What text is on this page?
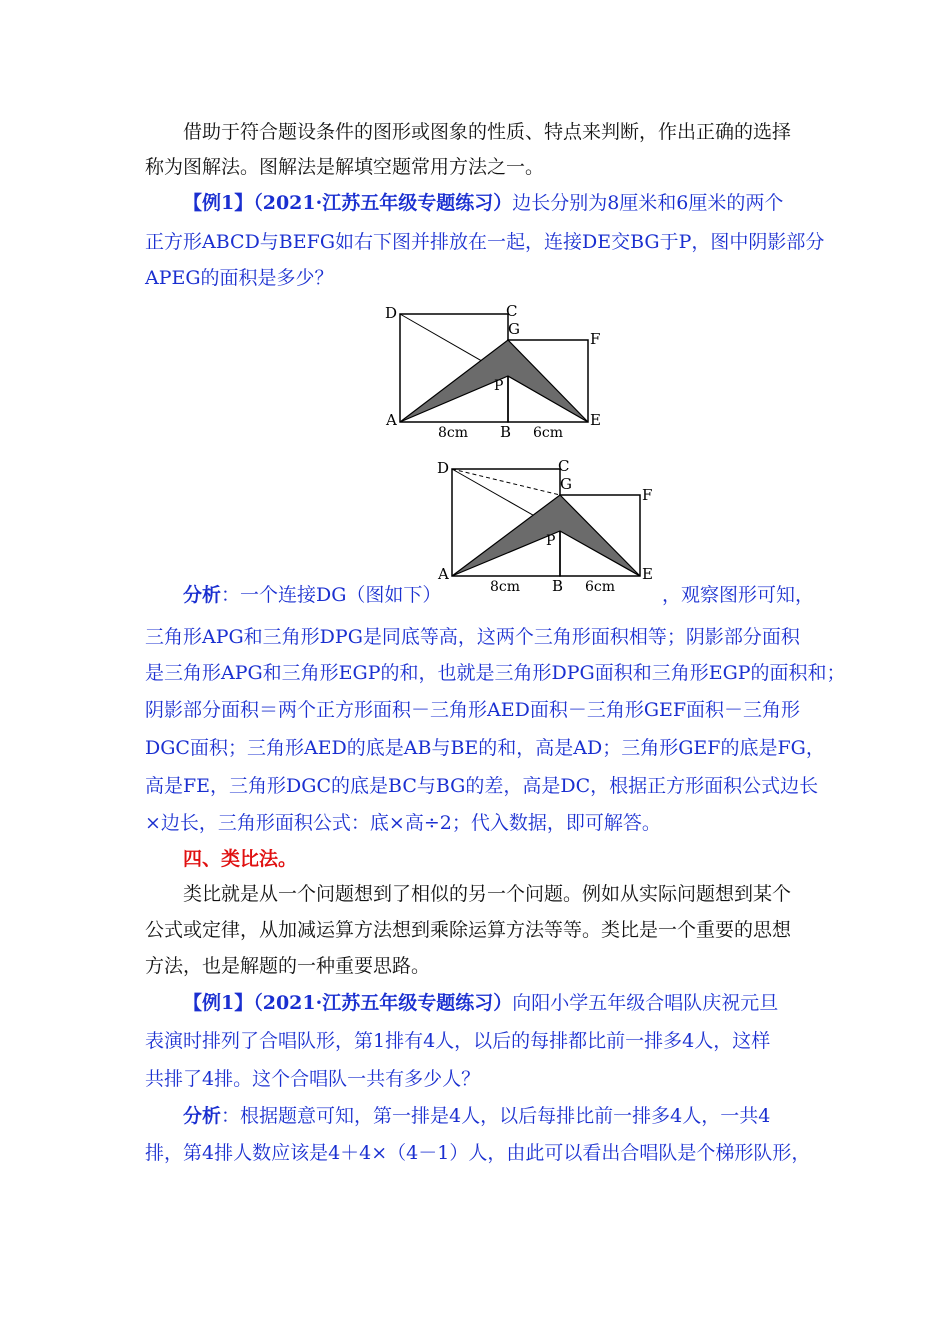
借助于符合题设条件的图形或图象的性质、特点来判断，作出正确的选择
称为图解法。图解法是解填空题常用方法之一。
【例1】（2021·江苏五年级专题练习）边长分别为8厘米和6厘米的两个
正方形ABCD与BEFG如右下图并排放在一起，连接DE交BG于P，图中阴影部分
APEG的面积是多少？
D	C
G
F
P
A
B
E
8cm	6cm
D	C
G
F
P
A
B
E
8cm	6cm
分析：一个连接DG（图如下）	，观察图形可知，
三角形APG和三角形DPG是同底等高，这两个三角形面积相等；阴影部分面积
是三角形APG和三角形EGP的和，也就是三角形DPG面积和三角形EGP的面积和；
阴影部分面积＝两个正方形面积－三角形AED面积－三角形GEF面积－三角形
DGC面积；三角形AED的底是AB与BE的和，高是AD；三角形GEF的底是FG，
高是FE，三角形DGC的底是BC与BG的差，高是DC，根据正方形面积公式边长
×边长，三角形面积公式：底×高÷2；代入数据，即可解答。
四、类比法。
类比就是从一个问题想到了相似的另一个问题。例如从实际问题想到某个
公式或定律，从加减运算方法想到乘除运算方法等等。类比是一个重要的思想
方法，也是解题的一种重要思路。
【例1】（2021·江苏五年级专题练习）向阳小学五年级合唱队庆祝元旦
表演时排列了合唱队形，第1排有4人，以后的每排都比前一排多4人，这样
共排了4排。这个合唱队一共有多少人？
分析：根据题意可知，第一排是4人，以后每排比前一排多4人，一共4
排，第4排人数应该是4＋4×（4－1）人，由此可以看出合唱队是个梯形队形，
